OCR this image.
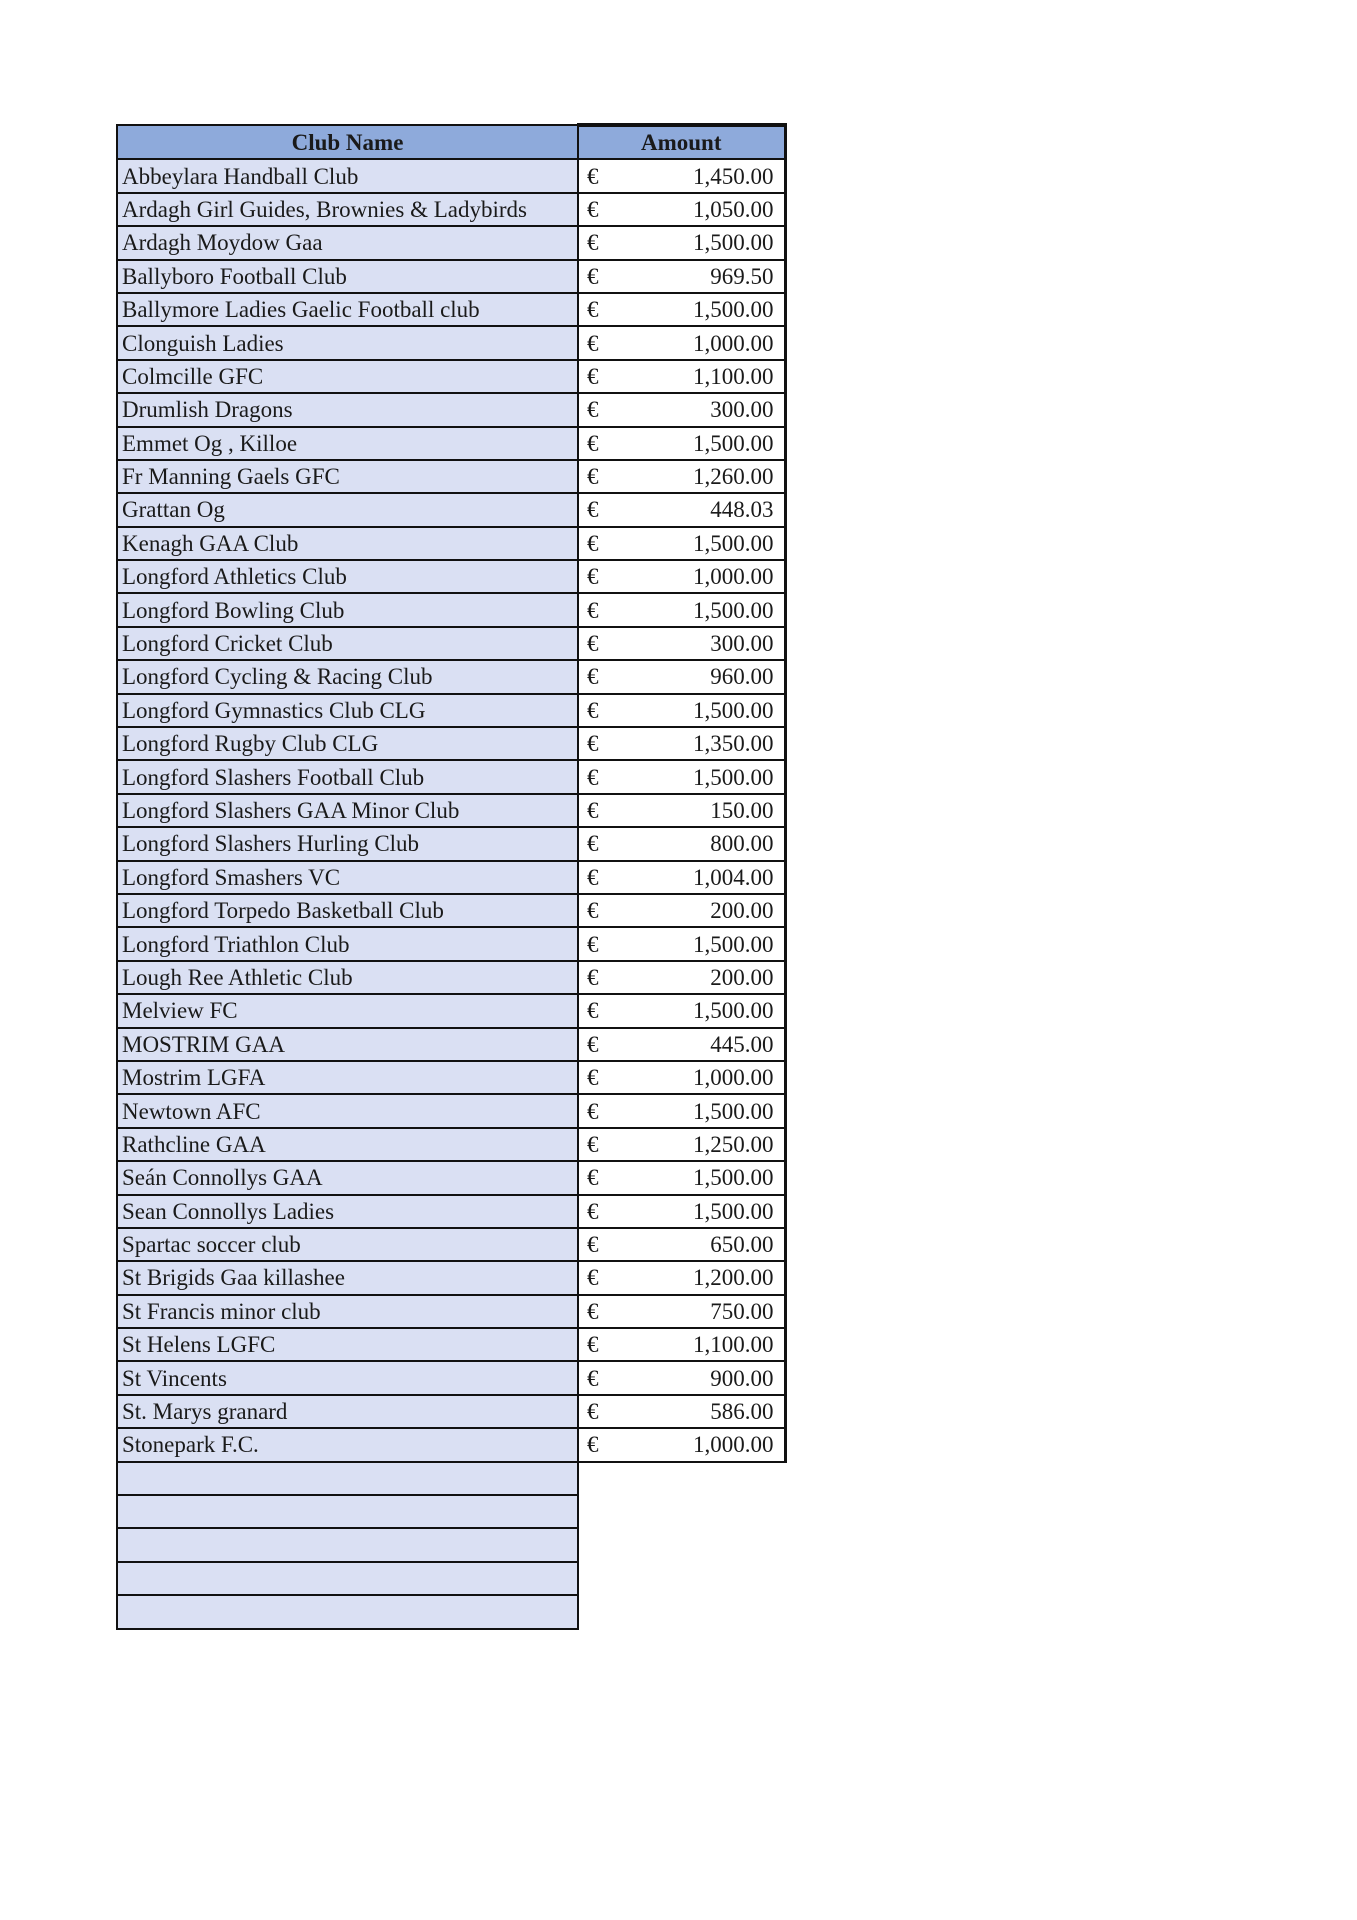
Club Name	Amount	
Abbeylara Handball Club	€	1,450.00
Ardagh Girl Guides, Brownies & Ladybirds	€	1,050.00
Ardagh Moydow Gaa	€	1,500.00
Ballyboro Football Club	€	969.50
Ballymore Ladies Gaelic Football club	€	1,500.00
Clonguish Ladies	€	1,000.00
Colmcille GFC	€	1,100.00
Drumlish Dragons	€	300.00
Emmet Og , Killoe	€	1,500.00
Fr Manning Gaels GFC	€	1,260.00
Grattan Og	€	448.03
Kenagh GAA Club	€	1,500.00
Longford Athletics Club	€	1,000.00
Longford Bowling Club	€	1,500.00
Longford Cricket Club	€	300.00
Longford Cycling & Racing Club	€	960.00
Longford Gymnastics Club CLG	€	1,500.00
Longford Rugby Club CLG	€	1,350.00
Longford Slashers Football Club	€	1,500.00
Longford Slashers GAA Minor Club	€	150.00
Longford Slashers Hurling Club	€	800.00
Longford Smashers VC	€	1,004.00
Longford Torpedo Basketball Club	€	200.00
Longford Triathlon Club	€	1,500.00
Lough Ree Athletic Club	€	200.00
Melview FC	€	1,500.00
MOSTRIM GAA	€	445.00
Mostrim LGFA	€	1,000.00
Newtown AFC	€	1,500.00
Rathcline GAA	€	1,250.00
Seán Connollys GAA	€	1,500.00
Sean Connollys Ladies	€	1,500.00
Spartac soccer club	€	650.00
St Brigids Gaa killashee	€	1,200.00
St Francis minor club	€	750.00
St Helens LGFC	€	1,100.00
St Vincents	€	900.00
St. Marys granard	€	586.00
Stonepark F.C.	€	1,000.00
